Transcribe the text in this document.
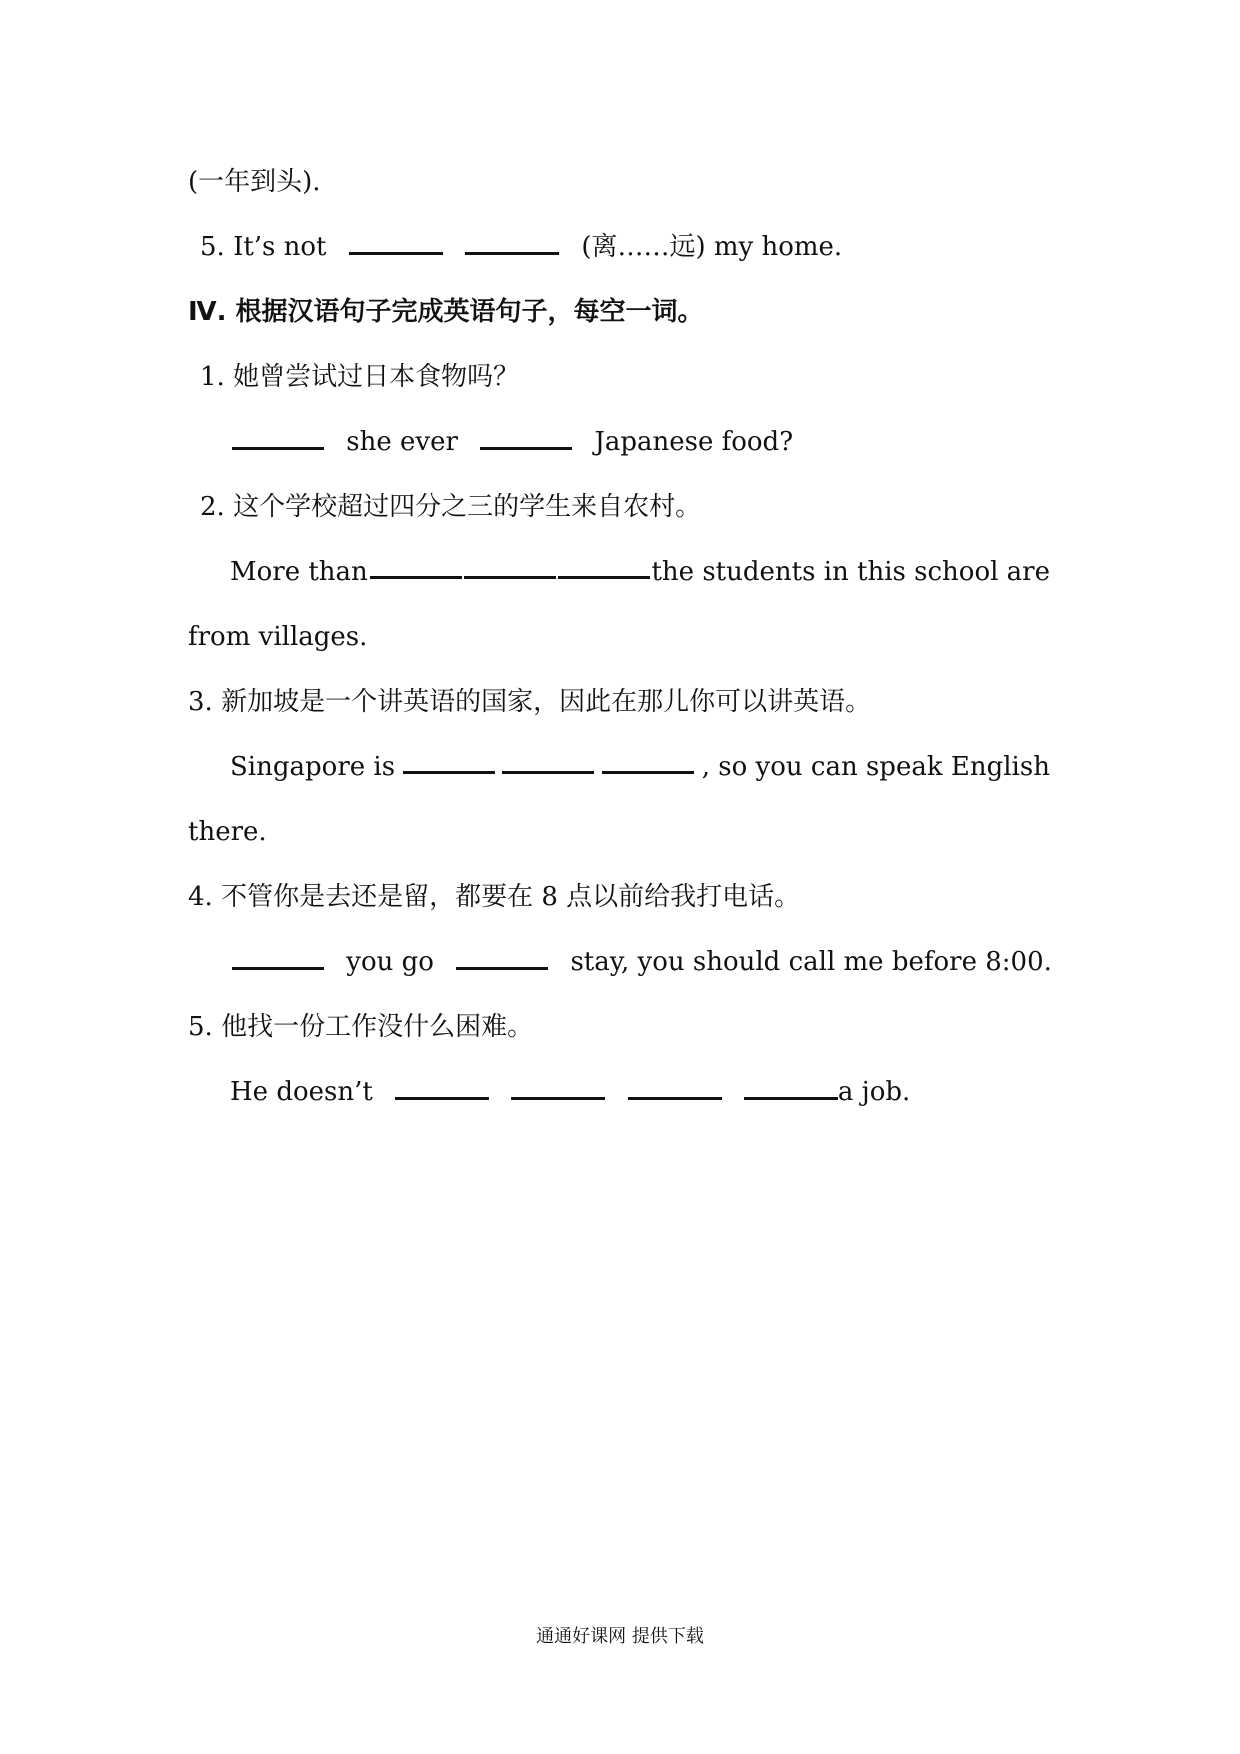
(一年到头).
5. It’s not	(离……远) my home.
Ⅳ. 根据汉语句子完成英语句子，每空一词。
1. 她曾尝试过日本食物吗？
she ever	Japanese food?
2. 这个学校超过四分之三的学生来自农村。
More than	the students in this school are
from villages.
3. 新加坡是一个讲英语的国家，因此在那儿你可以讲英语。
Singapore is	, so you can speak English
there.
4. 不管你是去还是留，都要在 8 点以前给我打电话。
you go	stay, you should call me before 8:00.
5. 他找一份工作没什么困难。
He doesn’t	a job.
通通好课网 提供下载
